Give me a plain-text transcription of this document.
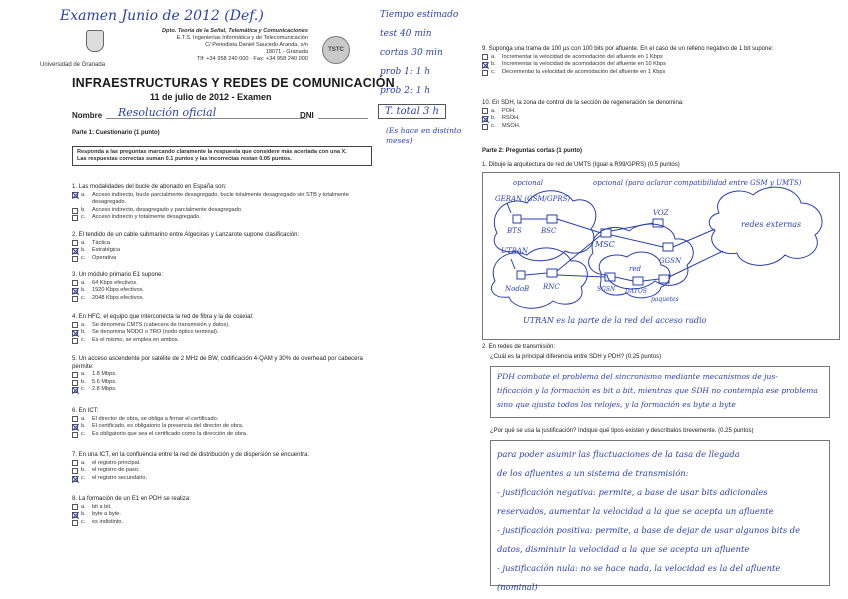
Examen Junio de 2012 (Def.)
Universidad de Granada
Dpto. Teoría de la Señal, Telemática y Comunicaciones
E.T.S. Ingenierías Informática y de Telecomunicación
C/ Periodista Daniel Saucedo Aranda, s/n
18071 - Granada
Tlf: +34 958 240 000 · Fax: +34 958 240 000
TSTC
INFRAESTRUCTURAS Y REDES DE COMUNICACIÓN
11 de julio de 2012 - Examen
Nombre Resolución oficial	DNI
Tiempo estimado
test 40 min
cortas 30 min
prob 1: 1 h
prob 2: 1 h
T. total 3 h
(Es hace en distinto meses)
Parte 1: Cuestionario (1 punto)
Responda a las preguntas marcando claramente la respuesta que considere más acertada con una X.
Las respuestas correctas suman 0.1 puntos y las incorrectas restan 0.05 puntos.
1. Las modalidades del bucle de abonado en España son:
a.	Acceso indirecto, bucle parcialmente desagregado, bucle totalmente desagregado sin STB y totalmente desagregado.
b.	Acceso indirecto, desagregado y parcialmente desagregado.
c.	Acceso indirecto y totalmente desagregado.
2. El tendido de un cable submarino entre Algeciras y Lanzarote supone clasificación:
a.	Táctica
b.	Estratégica
c.	Operativa
3. Un módulo primario E1 supone:
a.	64 Kbps efectivos.
b.	1920 Kbps efectivos.
c.	2048 Kbps efectivos.
4. En HFC, el equipo que interconecta la red de fibra y la de coaxial:
a.	Se denomina CMTS (cabecera de transmisión y datos).
b.	Se denomina NODO o TRO (nodo óptico terminal).
c.	Es el mismo, se emplea en ambos.
5. Un acceso ascendente por satélite de 2 MHz de BW, codificación 4-QAM y 30% de overhead por cabecera permite:
a.	1.8 Mbps.
b.	5.6 Mbps.
c.	2.8 Mbps.
6. En ICT:
a.	El director de obra, se obliga a firmar el certificado.
b.	El certificado, es obligatorio la presencia del director de obra.
c.	Es obligatorio que sea el certificado como la dirección de obra.
7. En una ICT, en la confluencia entre la red de distribución y de dispersión se encuentra:
a.	el registro principal.
b.	el registro de paso.
c.	el registro secundario.
8. La formación de un E1 en PDH se realiza:
a.	bit a bit.
b.	byte a byte.
c.	es indistinto.
9. Suponga una trama de 100 μs con 100 bits por afluente. En el caso de un relleno negativo de 1 bit supone:
a.	Incrementar la velocidad de acomodación del afluente en 1 Kbps
b.	Incrementar la velocidad de acomodación del afluente en 10 Kbps
c.	Decrementar la velocidad de acomodación del afluente en 1 Kbps
10. En SDH, la zona de control de la sección de regeneración se denomina:
a.	POH.
b.	RSOH.
c.	MSOH.
Parte 2: Preguntas cortas (1 punto)
1. Dibuje la arquitectura de red de UMTS (Igual a R99/GPRS) (0.5 puntos)
GERAN (GSM/GPRS)
opcional	opcional (para aclarar compatibilidad entre GSM y UMTS)
BTS	BSC
MSC
VOZ
GGSN
redes externas
UTRAN
NodoB RNC
red
SGSN DATOS
paquetes
UTRAN es la parte de la red del acceso radio
2. En redes de transmisión:
¿Cuál es la principal diferencia entre SDH y PDH? (0.25 puntos)
PDH combate el problema del sincronismo mediante mecanismos de jus-
tificación y la formación es bit a bit, mientras que SDH no contempla ese problema
sino que ajusta todos los relojes, y la formación es byte a byte
¿Por qué se usa la justificación? Indique qué tipos existen y descríbalos brevemente. (0.25 puntos)
para poder asumir las fluctuaciones de la tasa de llegada
de los afluentes a un sistema de transmisión:
- justificación negativa: permite, a base de usar bits adicionales
reservados, aumentar la velocidad a la que se acepta un afluente
- justificación positiva: permite, a base de dejar de usar algunos bits de
datos, disminuir la velocidad a la que se acepta un afluente
- justificación nula: no se hace nada, la velocidad es la del afluente (nominal)
